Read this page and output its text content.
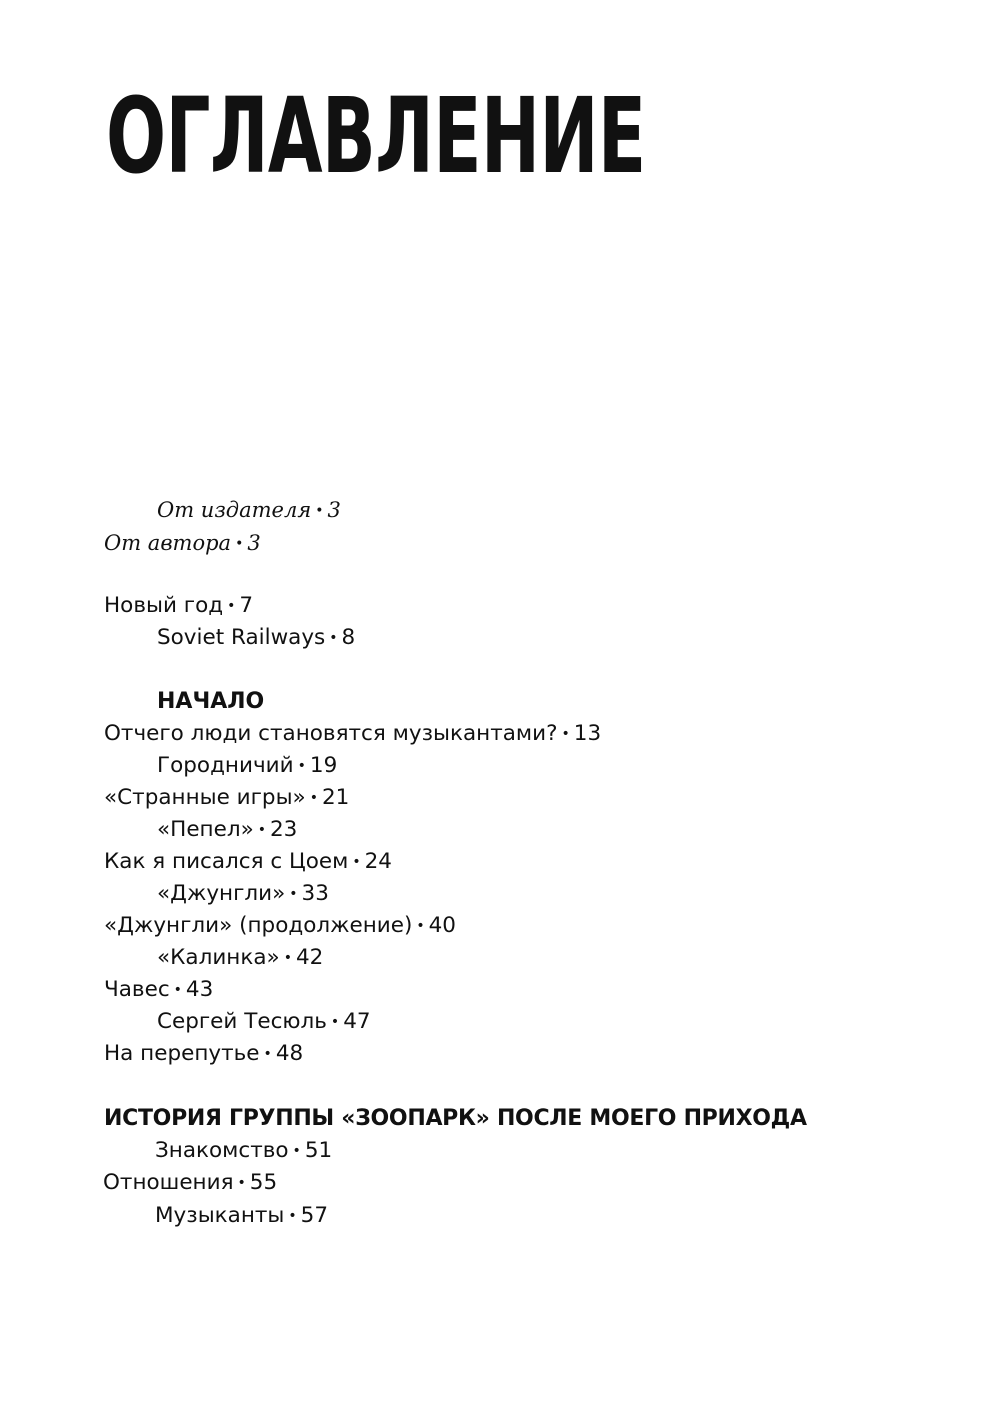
ОГЛАВЛЕНИЕ
От издателя • 3
От автора • 3
Новый год • 7
Soviet Railways • 8
НАЧАЛО
Отчего люди становятся музыкантами? • 13
Городничий • 19
«Странные игры» • 21
«Пепел» • 23
Как я писался с Цоем • 24
«Джунгли» • 33
«Джунгли» (продолжение) • 40
«Калинка» • 42
Чавес • 43
Сергей Тесюль • 47
На перепутье • 48
ИСТОРИЯ ГРУППЫ «ЗООПАРК» ПОСЛЕ МОЕГО ПРИХОДА
Знакомство • 51
Отношения • 55
Музыканты • 57
